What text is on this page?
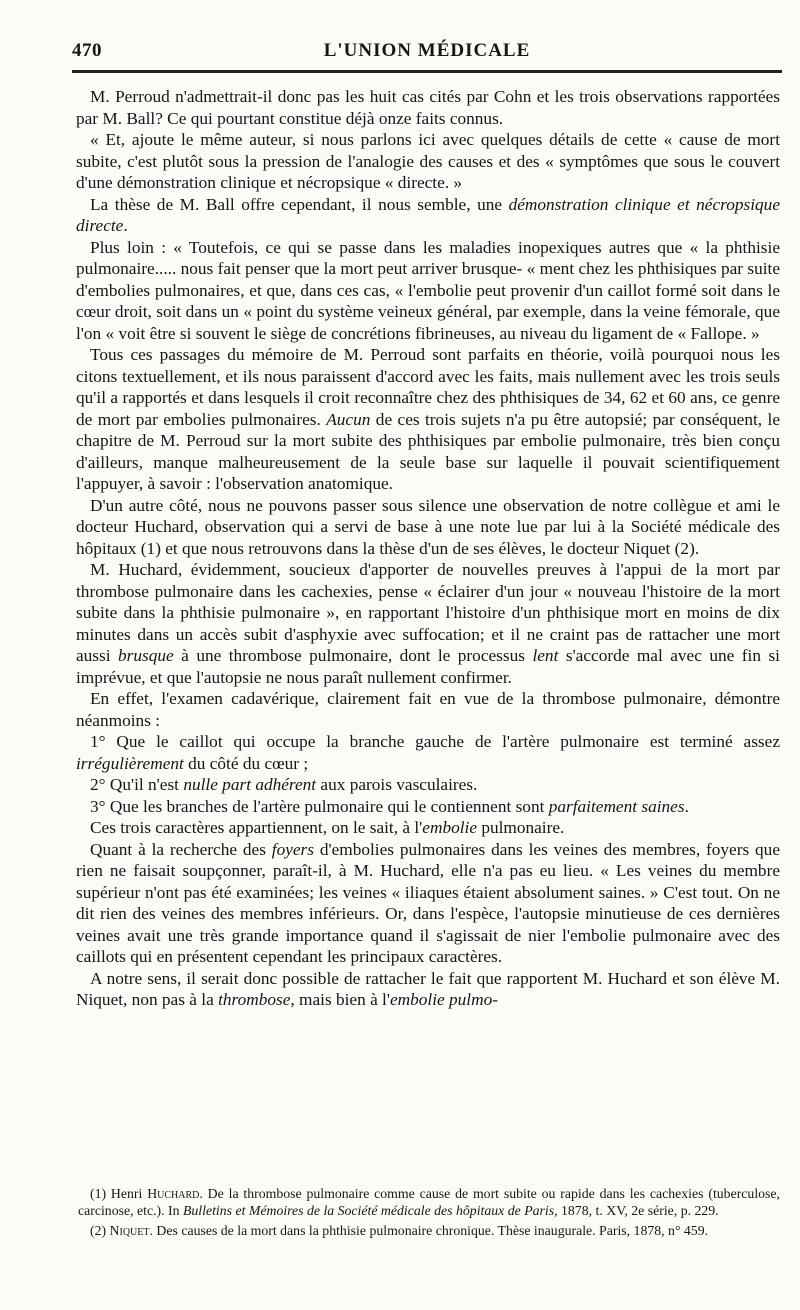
470	L'UNION MÉDICALE

M. Perroud n'admettrait-il donc pas les huit cas cités par Cohn et les trois observations rapportées par M. Ball? Ce qui pourtant constitue déjà onze faits connus.

« Et, ajoute le même auteur, si nous parlons ici avec quelques détails de cette « cause de mort subite, c'est plutôt sous la pression de l'analogie des causes et des « symptômes que sous le couvert d'une démonstration clinique et nécropsique « directe. »

La thèse de M. Ball offre cependant, il nous semble, une démonstration clinique et nécropsique directe.

Plus loin : « Toutefois, ce qui se passe dans les maladies inopexiques autres que « la phthisie pulmonaire..... nous fait penser que la mort peut arriver brusque- « ment chez les phthisiques par suite d'embolies pulmonaires, et que, dans ces cas, « l'embolie peut provenir d'un caillot formé soit dans le cœur droit, soit dans un « point du système veineux général, par exemple, dans la veine fémorale, que l'on « voit être si souvent le siège de concrétions fibrineuses, au niveau du ligament de « Fallope. »

Tous ces passages du mémoire de M. Perroud sont parfaits en théorie, voilà pourquoi nous les citons textuellement, et ils nous paraissent d'accord avec les faits, mais nullement avec les trois seuls qu'il a rapportés et dans lesquels il croit reconnaître chez des phthisiques de 34, 62 et 60 ans, ce genre de mort par embolies pulmonaires. Aucun de ces trois sujets n'a pu être autopsié; par conséquent, le chapitre de M. Perroud sur la mort subite des phthisiques par embolie pulmonaire, très bien conçu d'ailleurs, manque malheureusement de la seule base sur laquelle il pouvait scientifiquement l'appuyer, à savoir : l'observation anatomique.

D'un autre côté, nous ne pouvons passer sous silence une observation de notre collègue et ami le docteur Huchard, observation qui a servi de base à une note lue par lui à la Société médicale des hôpitaux (1) et que nous retrouvons dans la thèse d'un de ses élèves, le docteur Niquet (2).

M. Huchard, évidemment, soucieux d'apporter de nouvelles preuves à l'appui de la mort par thrombose pulmonaire dans les cachexies, pense « éclairer d'un jour « nouveau l'histoire de la mort subite dans la phthisie pulmonaire », en rapportant l'histoire d'un phthisique mort en moins de dix minutes dans un accès subit d'asphyxie avec suffocation; et il ne craint pas de rattacher une mort aussi brusque à une thrombose pulmonaire, dont le processus lent s'accorde mal avec une fin si imprévue, et que l'autopsie ne nous paraît nullement confirmer.

En effet, l'examen cadavérique, clairement fait en vue de la thrombose pulmonaire, démontre néanmoins :

1° Que le caillot qui occupe la branche gauche de l'artère pulmonaire est terminé assez irrégulièrement du côté du cœur ;

2° Qu'il n'est nulle part adhérent aux parois vasculaires.

3° Que les branches de l'artère pulmonaire qui le contiennent sont parfaitement saines.

Ces trois caractères appartiennent, on le sait, à l'embolie pulmonaire.

Quant à la recherche des foyers d'embolies pulmonaires dans les veines des membres, foyers que rien ne faisait soupçonner, paraît-il, à M. Huchard, elle n'a pas eu lieu. « Les veines du membre supérieur n'ont pas été examinées; les veines « iliaques étaient absolument saines. » C'est tout. On ne dit rien des veines des membres inférieurs. Or, dans l'espèce, l'autopsie minutieuse de ces dernières veines avait une très grande importance quand il s'agissait de nier l'embolie pulmonaire avec des caillots qui en présentent cependant les principaux caractères.

A notre sens, il serait donc possible de rattacher le fait que rapportent M. Huchard et son élève M. Niquet, non pas à la thrombose, mais bien à l'embolie pulmo-

(1) Henri Huchard. De la thrombose pulmonaire comme cause de mort subite ou rapide dans les cachexies (tuberculose, carcinose, etc.). In Bulletins et Mémoires de la Société médicale des hôpitaux de Paris, 1878, t. XV, 2e série, p. 229.

(2) Niquet. Des causes de la mort dans la phthisie pulmonaire chronique. Thèse inaugurale. Paris, 1878, n° 459.
